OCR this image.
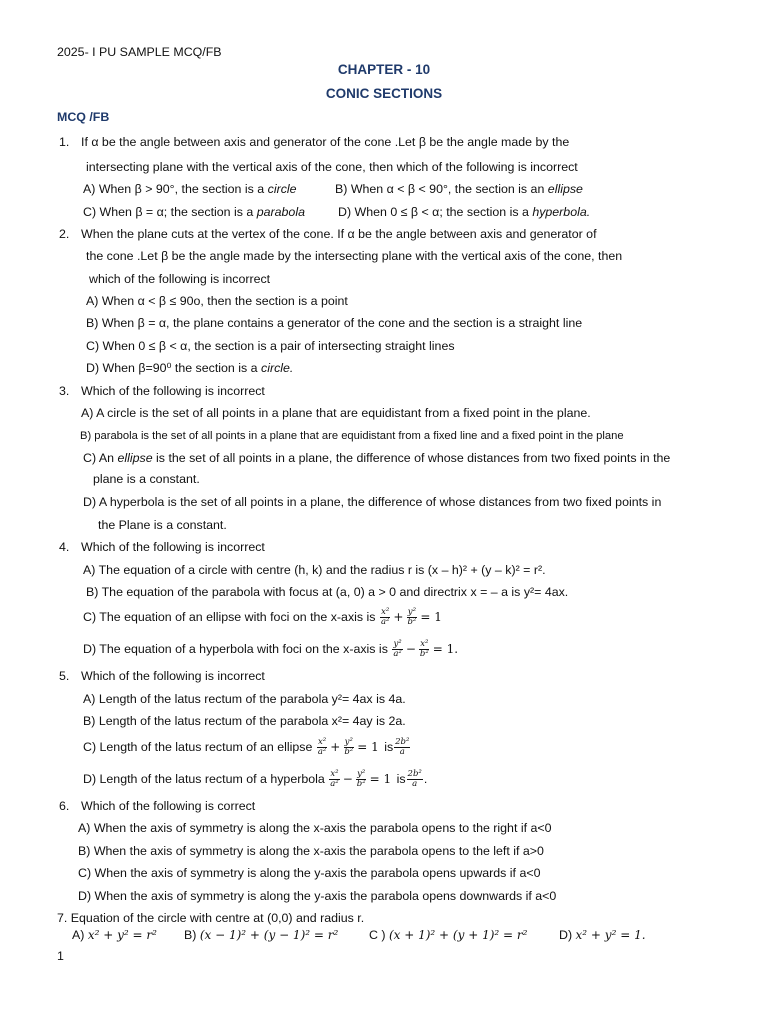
2025- I PU SAMPLE MCQ/FB
CHAPTER - 10
CONIC SECTIONS
MCQ /FB
1. If α be the angle between axis and generator of the cone .Let β be the angle made by the
intersecting plane with the vertical axis of the cone, then which of the following is incorrect
A) When β > 90°, the section is a circle	B) When α < β < 90°, the section is an ellipse
C) When β = α; the section is a parabola	D) When 0 ≤ β < α; the section is a hyperbola.
2. When the plane cuts at the vertex of the cone. If α be the angle between axis and generator of
the cone .Let β be the angle made by the intersecting plane with the vertical axis of the cone, then
which of the following is incorrect
A) When α < β ≤ 90o, then the section is a point
B) When β = α, the plane contains a generator of the cone and the section is a straight line
C) When 0 ≤ β < α, the section is a pair of intersecting straight lines
D) When β=90⁰ the section is a circle.
3. Which of the following is incorrect
A) A circle is the set of all points in a plane that are equidistant from a fixed point in the plane.
B) parabola is the set of all points in a plane that are equidistant from a fixed line and a fixed point in the plane
C) An ellipse is the set of all points in a plane, the difference of whose distances from two fixed points in the
plane is a constant.
D) A hyperbola is the set of all points in a plane, the difference of whose distances from two fixed points in
the Plane is a constant.
4. Which of the following is incorrect
A) The equation of a circle with centre (h, k) and the radius r is (x – h)² + (y – k)² = r².
B) The equation of the parabola with focus at (a, 0) a > 0 and directrix x = – a is y²= 4ax.
C) The equation of an ellipse with foci on the x-axis is $\frac{\text{x²}}{\text{a²}} + \frac{\text{y²}}{\text{b²}} = 1$
D) The equation of a hyperbola with foci on the x-axis is $\frac{\text{y²}}{\text{a²}} - \frac{\text{x²}}{\text{b²}} = 1$.
5. Which of the following is incorrect
A) Length of the latus rectum of the parabola y²= 4ax is 4a.
B) Length of the latus rectum of the parabola x²= 4ay is 2a.
C) Length of the latus rectum of an ellipse $\frac{\text{x²}}{\text{a²}} + \frac{\text{y²}}{\text{b²}} = 1$ is $\frac{\text{2b²}}{a}$
D) Length of the latus rectum of a hyperbola $\frac{\text{x²}}{\text{a²}} - \frac{\text{y²}}{\text{b²}} = 1$ is $\frac{\text{2b²}}{a}$ .
6. Which of the following is correct
A) When the axis of symmetry is along the x-axis the parabola opens to the right if a<0
B) When the axis of symmetry is along the x-axis the parabola opens to the left if a>0
C) When the axis of symmetry is along the y-axis the parabola opens upwards if a<0
D) When the axis of symmetry is along the y-axis the parabola opens downwards if a<0
7. Equation of the circle with centre at (0,0) and radius r.
A) x² + y² = r² B) (x − 1)² + (y − 1)² = r² C ) (x + 1)² + (y + 1)² = r²	D) x² + y² = 1.
1
